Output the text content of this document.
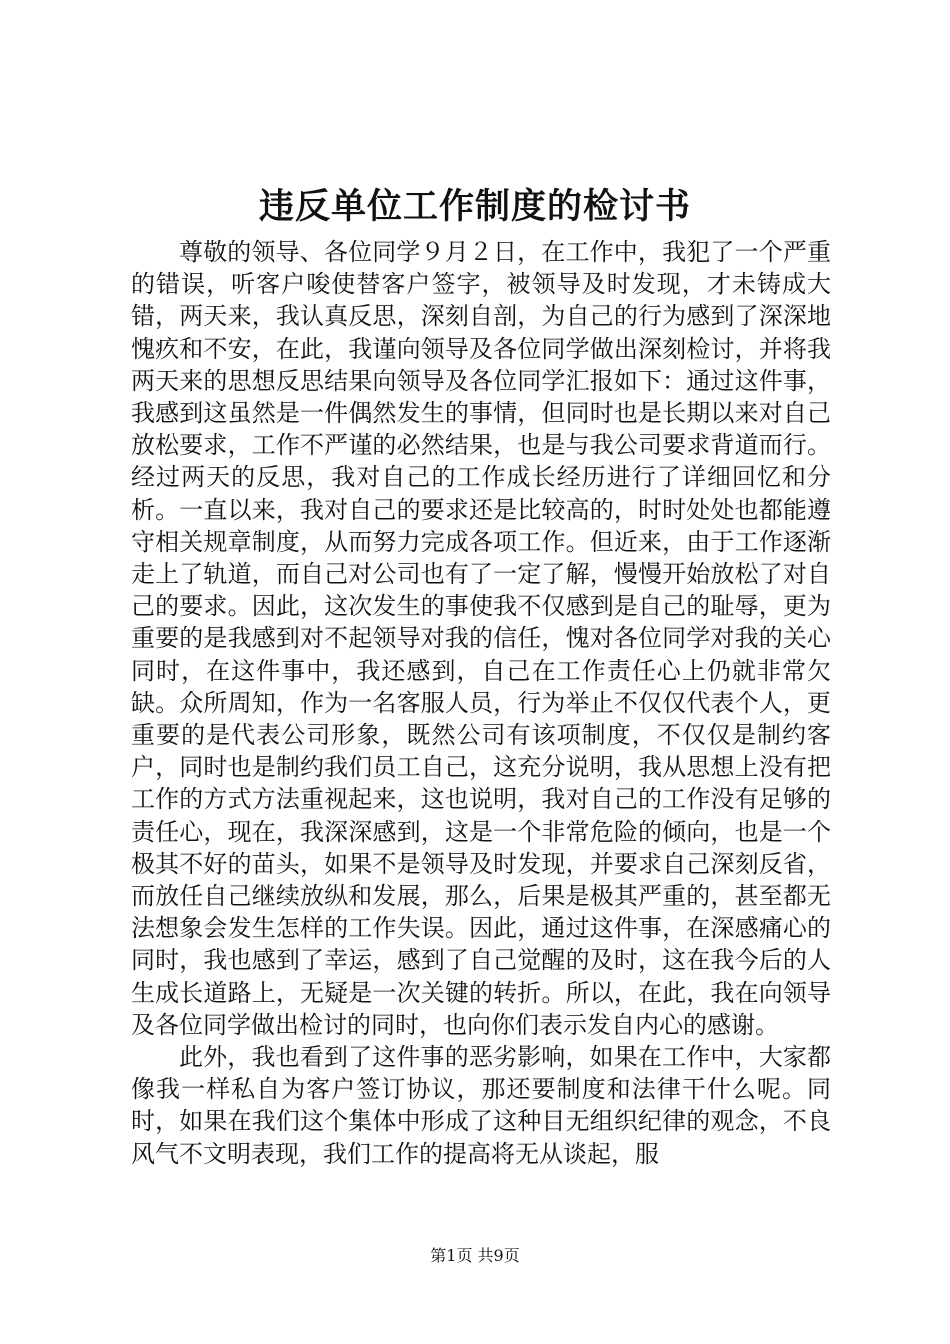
违反单位工作制度的检讨书

尊敬的领导、各位同学９月２日，在工作中，我犯了一个严重的错误，听客户唆使替客户签字，被领导及时发现，才未铸成大错，两天来，我认真反思，深刻自剖，为自己的行为感到了深深地愧疚和不安，在此，我谨向领导及各位同学做出深刻检讨，并将我两天来的思想反思结果向领导及各位同学汇报如下：通过这件事，我感到这虽然是一件偶然发生的事情，但同时也是长期以来对自己放松要求，工作不严谨的必然结果，也是与我公司要求背道而行。经过两天的反思，我对自己的工作成长经历进行了详细回忆和分析。一直以来，我对自己的要求还是比较高的，时时处处也都能遵守相关规章制度，从而努力完成各项工作。但近来，由于工作逐渐走上了轨道，而自己对公司也有了一定了解，慢慢开始放松了对自己的要求。因此，这次发生的事使我不仅感到是自己的耻辱，更为重要的是我感到对不起领导对我的信任，愧对各位同学对我的关心同时，在这件事中，我还感到，自己在工作责任心上仍就非常欠缺。众所周知，作为一名客服人员，行为举止不仅仅代表个人，更重要的是代表公司形象，既然公司有该项制度，不仅仅是制约客户，同时也是制约我们员工自己，这充分说明，我从思想上没有把工作的方式方法重视起来，这也说明，我对自己的工作没有足够的责任心，现在，我深深感到，这是一个非常危险的倾向，也是一个极其不好的苗头，如果不是领导及时发现，并要求自己深刻反省，而放任自己继续放纵和发展，那么，后果是极其严重的，甚至都无法想象会发生怎样的工作失误。因此，通过这件事，在深感痛心的同时，我也感到了幸运，感到了自己觉醒的及时，这在我今后的人生成长道路上，无疑是一次关键的转折。所以，在此，我在向领导及各位同学做出检讨的同时，也向你们表示发自内心的感谢。

此外，我也看到了这件事的恶劣影响，如果在工作中，大家都像我一样私自为客户签订协议，那还要制度和法律干什么呢。同时，如果在我们这个集体中形成了这种目无组织纪律的观念，不良风气不文明表现，我们工作的提高将无从谈起，服

第1页 共9页
